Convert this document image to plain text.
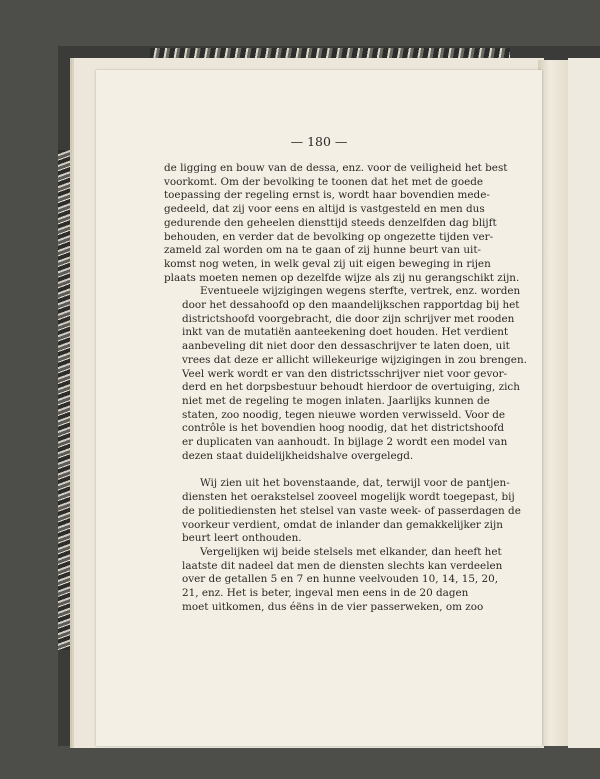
— 180 —

de ligging en bouw van de dessa, enz. voor de veiligheid het best
voorkomt. Om der bevolking te toonen dat het met de goede
toepassing der regeling ernst is, wordt haar bovendien mede-
gedeeld, dat zij voor eens en altijd is vastgesteld en men dus
gedurende den geheelen diensttijd steeds denzelfden dag blijft
behouden, en verder dat de bevolking op ongezette tijden ver-
zameld zal worden om na te gaan of zij hunne beurt van uit-
komst nog weten, in welk geval zij uit eigen beweging in rijen
plaats moeten nemen op dezelfde wijze als zij nu gerangschikt zijn.

Eventueele wijzigingen wegens sterfte, vertrek, enz. worden
door het dessahoofd op den maandelijkschen rapportdag bij het
districtshoofd voorgebracht, die door zijn schrijver met rooden
inkt van de mutatiën aanteekening doet houden. Het verdient
aanbeveling dit niet door den dessaschrijver te laten doen, uit
vrees dat deze er allicht willekeurige wijzigingen in zou brengen.
Veel werk wordt er van den districtsschrijver niet voor gevor-
derd en het dorpsbestuur behoudt hierdoor de overtuiging, zich
niet met de regeling te mogen inlaten. Jaarlijks kunnen de
staten, zoo noodig, tegen nieuwe worden verwisseld. Voor de
contrôle is het bovendien hoog noodig, dat het districtshoofd
er duplicaten van aanhoudt. In bijlage 2 wordt een model van
dezen staat duidelijkheidshalve overgelegd.

Wij zien uit het bovenstaande, dat, terwijl voor de pantjen-
diensten het oerakstelsel zooveel mogelijk wordt toegepast, bij
de politiediensten het stelsel van vaste week- of passerdagen de
voorkeur verdient, omdat de inlander dan gemakkelijker zijn
beurt leert onthouden.

Vergelijken wij beide stelsels met elkander, dan heeft het
laatste dit nadeel dat men de diensten slechts kan verdeelen
over de getallen 5 en 7 en hunne veelvouden 10, 14, 15, 20,
21, enz. Het is beter, ingeval men eens in de 20 dagen
moet uitkomen, dus éëns in de vier passerweken, om zoo
